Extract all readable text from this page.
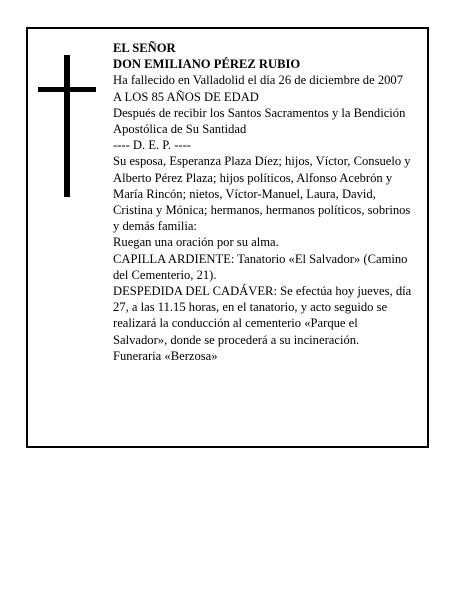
EL SEÑOR

DON EMILIANO PÉREZ RUBIO

Ha fallecido en Valladolid el día 26 de diciembre de 2007

A LOS 85 AÑOS DE EDAD

Después de recibir los Santos Sacramentos y la Bendición Apostólica de Su Santidad

---- D. E. P. ----

Su esposa, Esperanza Plaza Díez; hijos, Víctor, Consuelo y Alberto Pérez Plaza; hijos políticos, Alfonso Acebrón y María Rincón; nietos, Víctor-Manuel, Laura, David, Cristina y Mónica; hermanos, hermanos políticos, sobrinos y demás familia:

Ruegan una oración por su alma.

CAPILLA ARDIENTE: Tanatorio «El Salvador» (Camino del Cementerio, 21).

DESPEDIDA DEL CADÁVER: Se efectúa hoy jueves, día 27, a las 11.15 horas, en el tanatorio, y acto seguido se realizará la conducción al cementerio «Parque el Salvador», donde se procederá a su incineración.

Funeraria «Berzosa»
